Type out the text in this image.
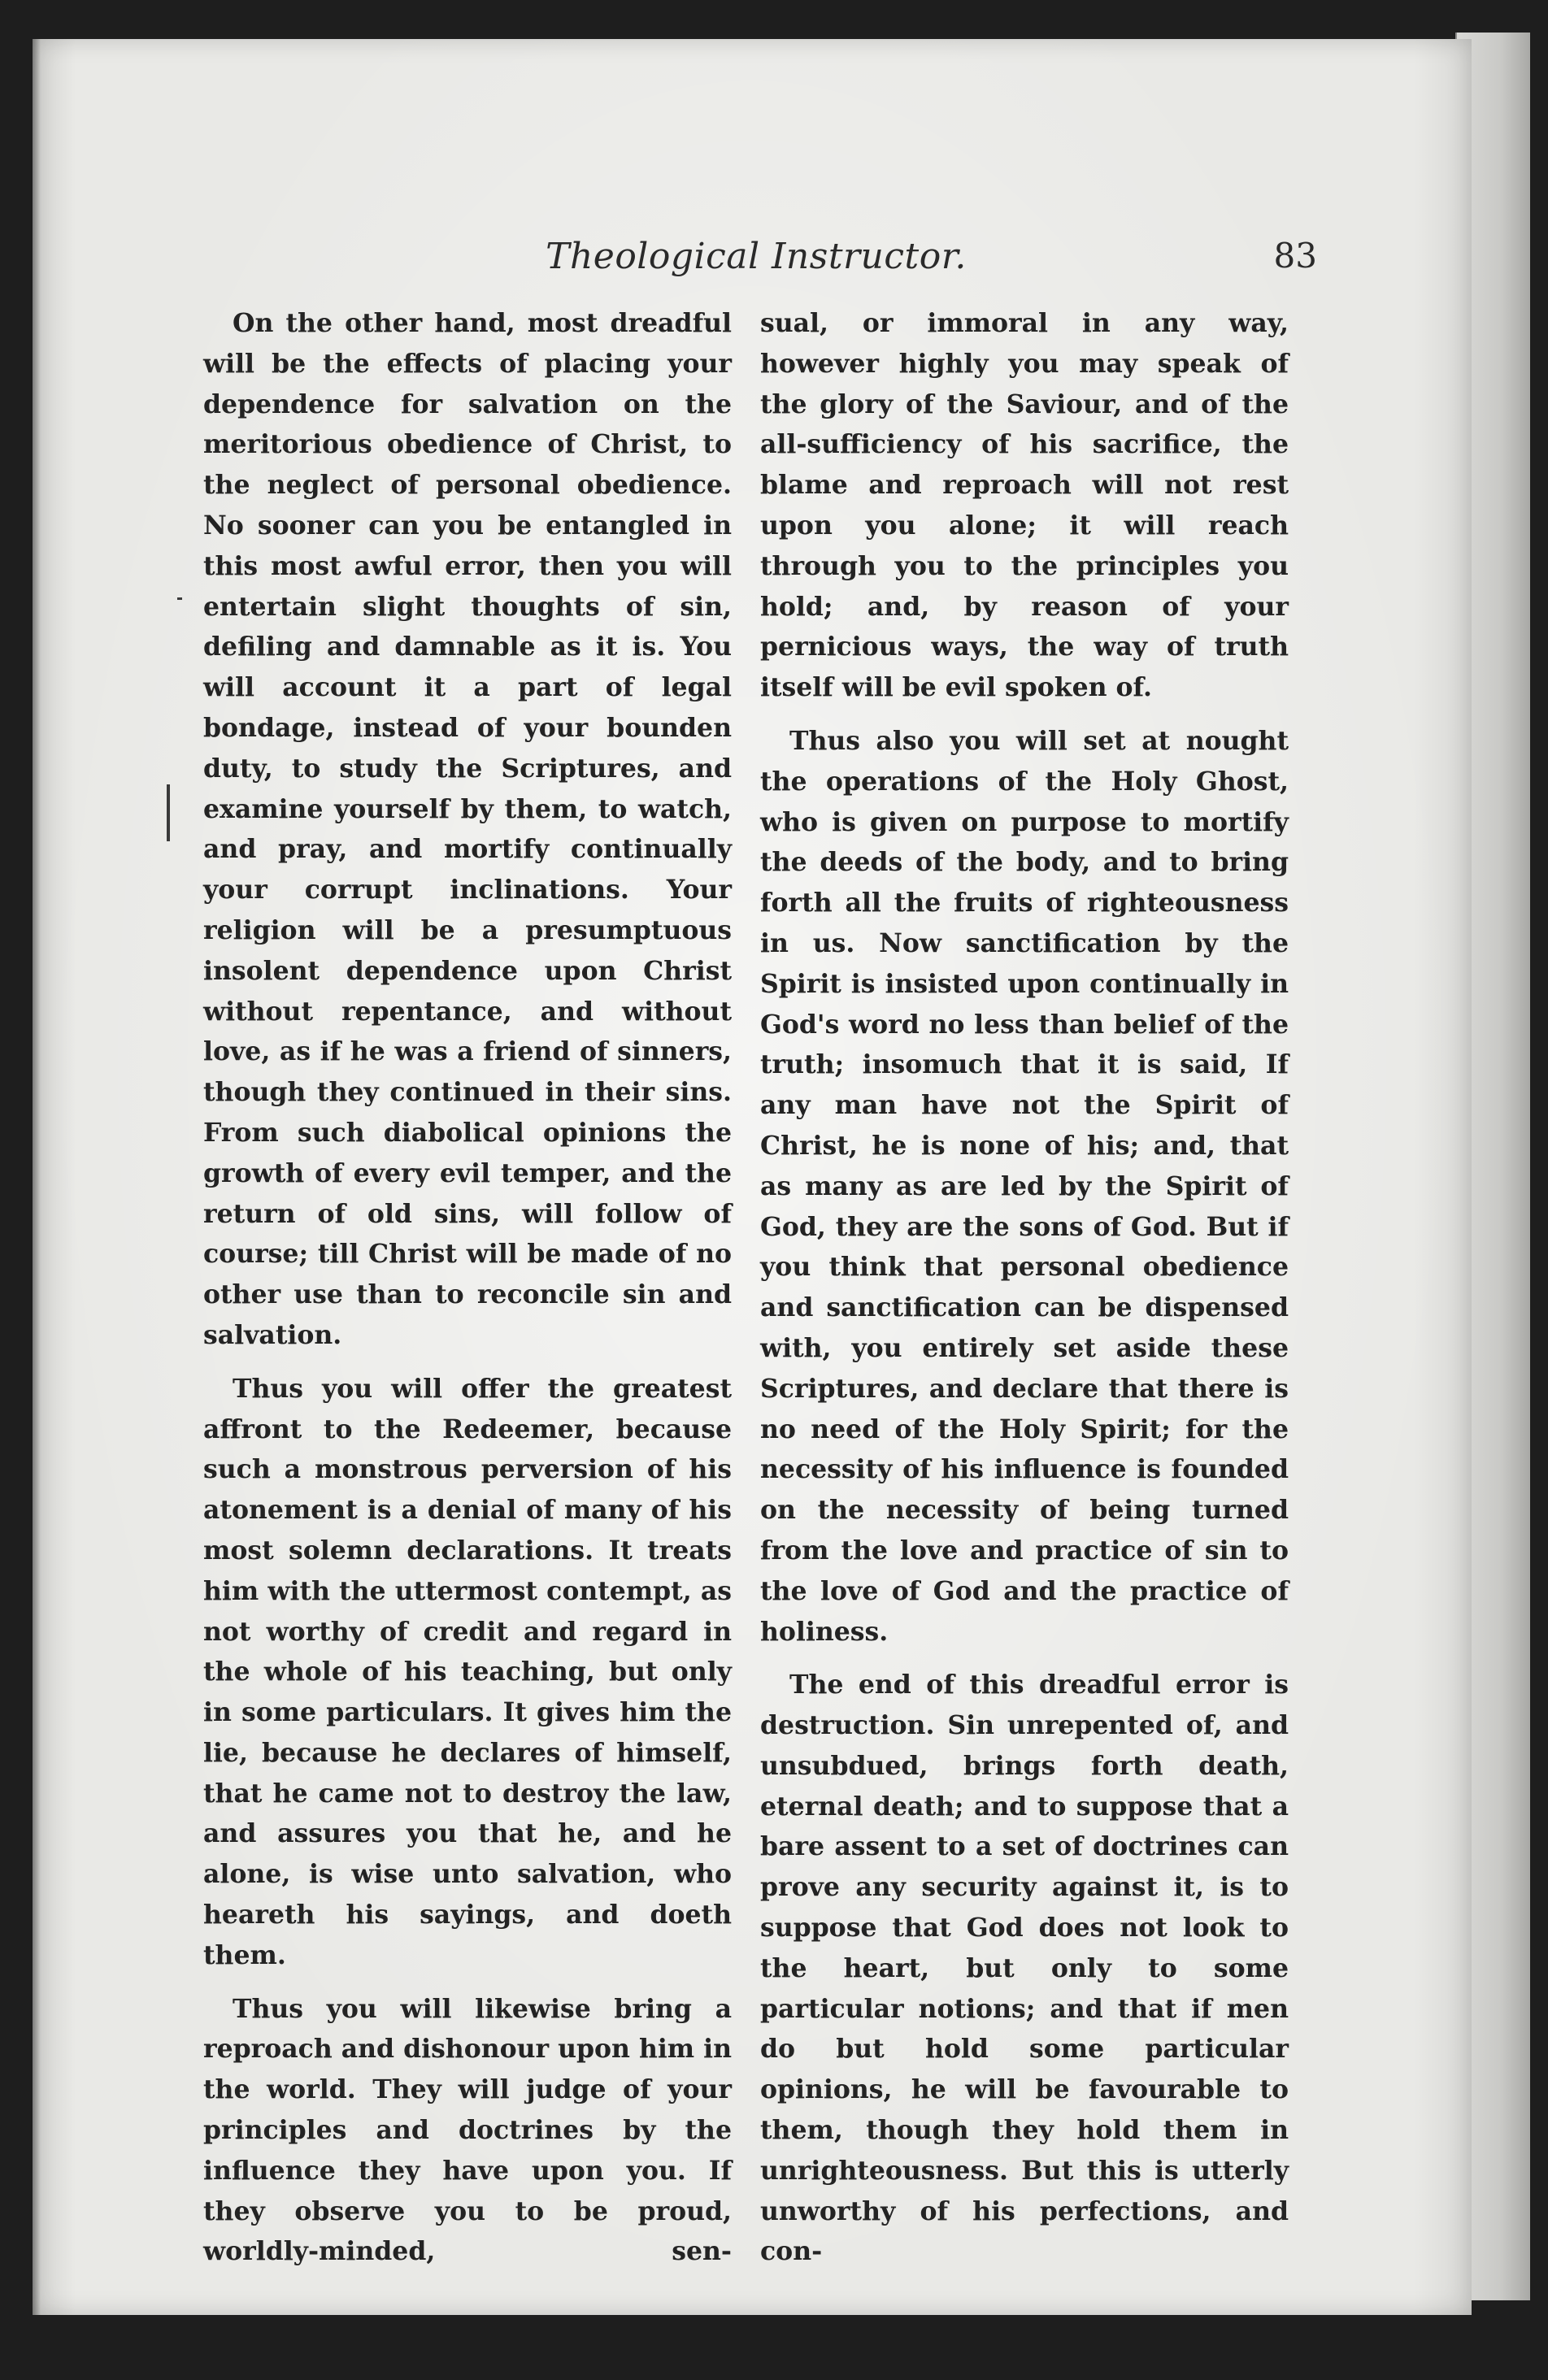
Theological Instructor.	83

On the other hand, most dreadful will be the effects of placing your dependence for salvation on the meritorious obedience of Christ, to the neglect of personal obedience. No sooner can you be entangled in this most awful error, then you will entertain slight thoughts of sin, defiling and damnable as it is. You will account it a part of legal bondage, instead of your bounden duty, to study the Scriptures, and examine yourself by them, to watch, and pray, and mortify continually your corrupt inclinations. Your religion will be a presumptuous insolent dependence upon Christ without repentance, and without love, as if he was a friend of sinners, though they continued in their sins. From such diabolical opinions the growth of every evil temper, and the return of old sins, will follow of course; till Christ will be made of no other use than to reconcile sin and salvation.

Thus you will offer the greatest affront to the Redeemer, because such a monstrous perversion of his atonement is a denial of many of his most solemn declarations. It treats him with the uttermost contempt, as not worthy of credit and regard in the whole of his teaching, but only in some particulars. It gives him the lie, because he declares of himself, that he came not to destroy the law, and assures you that he, and he alone, is wise unto salvation, who heareth his sayings, and doeth them.

Thus you will likewise bring a reproach and dishonour upon him in the world. They will judge of your principles and doctrines by the influence they have upon you. If they observe you to be proud, worldly-minded, sen-

sual, or immoral in any way, however highly you may speak of the glory of the Saviour, and of the all-sufficiency of his sacrifice, the blame and reproach will not rest upon you alone; it will reach through you to the principles you hold; and, by reason of your pernicious ways, the way of truth itself will be evil spoken of.

Thus also you will set at nought the operations of the Holy Ghost, who is given on purpose to mortify the deeds of the body, and to bring forth all the fruits of righteousness in us. Now sanctification by the Spirit is insisted upon continually in God's word no less than belief of the truth; insomuch that it is said, If any man have not the Spirit of Christ, he is none of his; and, that as many as are led by the Spirit of God, they are the sons of God. But if you think that personal obedience and sanctification can be dispensed with, you entirely set aside these Scriptures, and declare that there is no need of the Holy Spirit; for the necessity of his influence is founded on the necessity of being turned from the love and practice of sin to the love of God and the practice of holiness.

The end of this dreadful error is destruction. Sin unrepented of, and unsubdued, brings forth death, eternal death; and to suppose that a bare assent to a set of doctrines can prove any security against it, is to suppose that God does not look to the heart, but only to some particular notions; and that if men do but hold some particular opinions, he will be favourable to them, though they hold them in unrighteousness. But this is utterly unworthy of his perfections, and con-
